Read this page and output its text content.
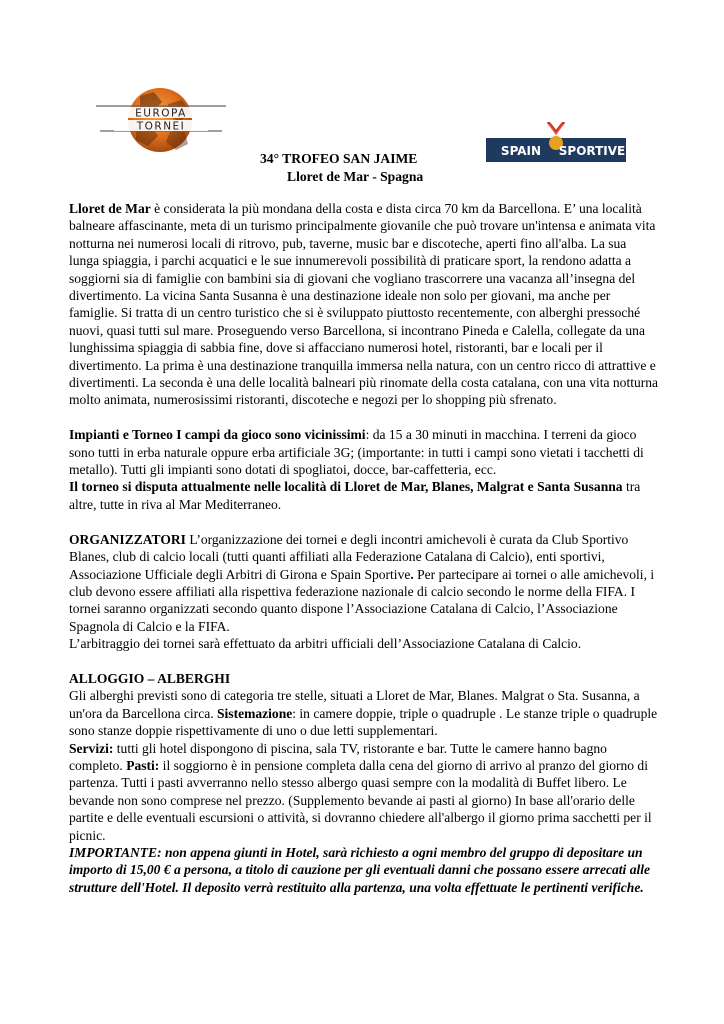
EUROPA
TORNEI
SPAIN SPORTIVE
34° TROFEO SAN JAIME
Lloret de Mar - Spagna

Lloret de Mar è considerata la più mondana della costa e dista circa 70 km da Barcellona. E’ una località balneare affascinante, meta di un turismo principalmente giovanile che può trovare un'intensa e animata vita notturna nei numerosi locali di ritrovo, pub, taverne, music bar e discoteche, aperti fino all'alba. La sua lunga spiaggia, i parchi acquatici e le sue innumerevoli possibilità di praticare sport, la rendono adatta a soggiorni sia di famiglie con bambini sia di giovani che vogliano trascorrere una vacanza all’insegna del divertimento. La vicina Santa Susanna è una destinazione ideale non solo per giovani, ma anche per famiglie. Si tratta di un centro turistico che si è sviluppato piuttosto recentemente, con alberghi pressoché nuovi, quasi tutti sul mare. Proseguendo verso Barcellona, si incontrano Pineda e Calella, collegate da una lunghissima spiaggia di sabbia fine, dove si affacciano numerosi hotel, ristoranti, bar e locali per il divertimento. La prima è una destinazione tranquilla immersa nella natura, con un centro ricco di attrattive e divertimenti. La seconda è una delle località balneari più rinomate della costa catalana, con una vita notturna molto animata, numerosissimi ristoranti, discoteche e negozi per lo shopping più sfrenato.

Impianti e Torneo I campi da gioco sono vicinissimi: da 15 a 30 minuti in macchina. I terreni da gioco sono tutti in erba naturale oppure erba artificiale 3G; (importante: in tutti i campi sono vietati i tacchetti di metallo). Tutti gli impianti sono dotati di spogliatoi, docce, bar-caffetteria, ecc.
Il torneo si disputa attualmente nelle località di Lloret de Mar, Blanes, Malgrat e Santa Susanna tra altre, tutte in riva al Mar Mediterraneo.

ORGANIZZATORI L’organizzazione dei tornei e degli incontri amichevoli è curata da Club Sportivo Blanes, club di calcio locali (tutti quanti affiliati alla Federazione Catalana di Calcio), enti sportivi, Associazione Ufficiale degli Arbitri di Girona e Spain Sportive. Per partecipare ai tornei o alle amichevoli, i club devono essere affiliati alla rispettiva federazione nazionale di calcio secondo le norme della FIFA. I tornei saranno organizzati secondo quanto dispone l’Associazione Catalana di Calcio, l’Associazione Spagnola di Calcio e la FIFA.
L’arbitraggio dei tornei sarà effettuato da arbitri ufficiali dell’Associazione Catalana di Calcio.

ALLOGGIO – ALBERGHI
Gli alberghi previsti sono di categoria tre stelle, situati a Lloret de Mar, Blanes. Malgrat o Sta. Susanna, a un'ora da Barcellona circa. Sistemazione: in camere doppie, triple o quadruple . Le stanze triple o quadruple sono stanze doppie rispettivamente di uno o due letti supplementari.
Servizi: tutti gli hotel dispongono di piscina, sala TV, ristorante e bar. Tutte le camere hanno bagno completo. Pasti: il soggiorno è in pensione completa dalla cena del giorno di arrivo al pranzo del giorno di partenza. Tutti i pasti avverranno nello stesso albergo quasi sempre con la modalità di Buffet libero. Le bevande non sono comprese nel prezzo. (Supplemento bevande ai pasti al giorno) In base all'orario delle partite e delle eventuali escursioni o attività, si dovranno chiedere all'albergo il giorno prima sacchetti per il picnic.
IMPORTANTE: non appena giunti in Hotel, sarà richiesto a ogni membro del gruppo di depositare un importo di 15,00 € a persona, a titolo di cauzione per gli eventuali danni che possano essere arrecati alle strutture dell'Hotel. Il deposito verrà restituito alla partenza, una volta effettuate le pertinenti verifiche.
